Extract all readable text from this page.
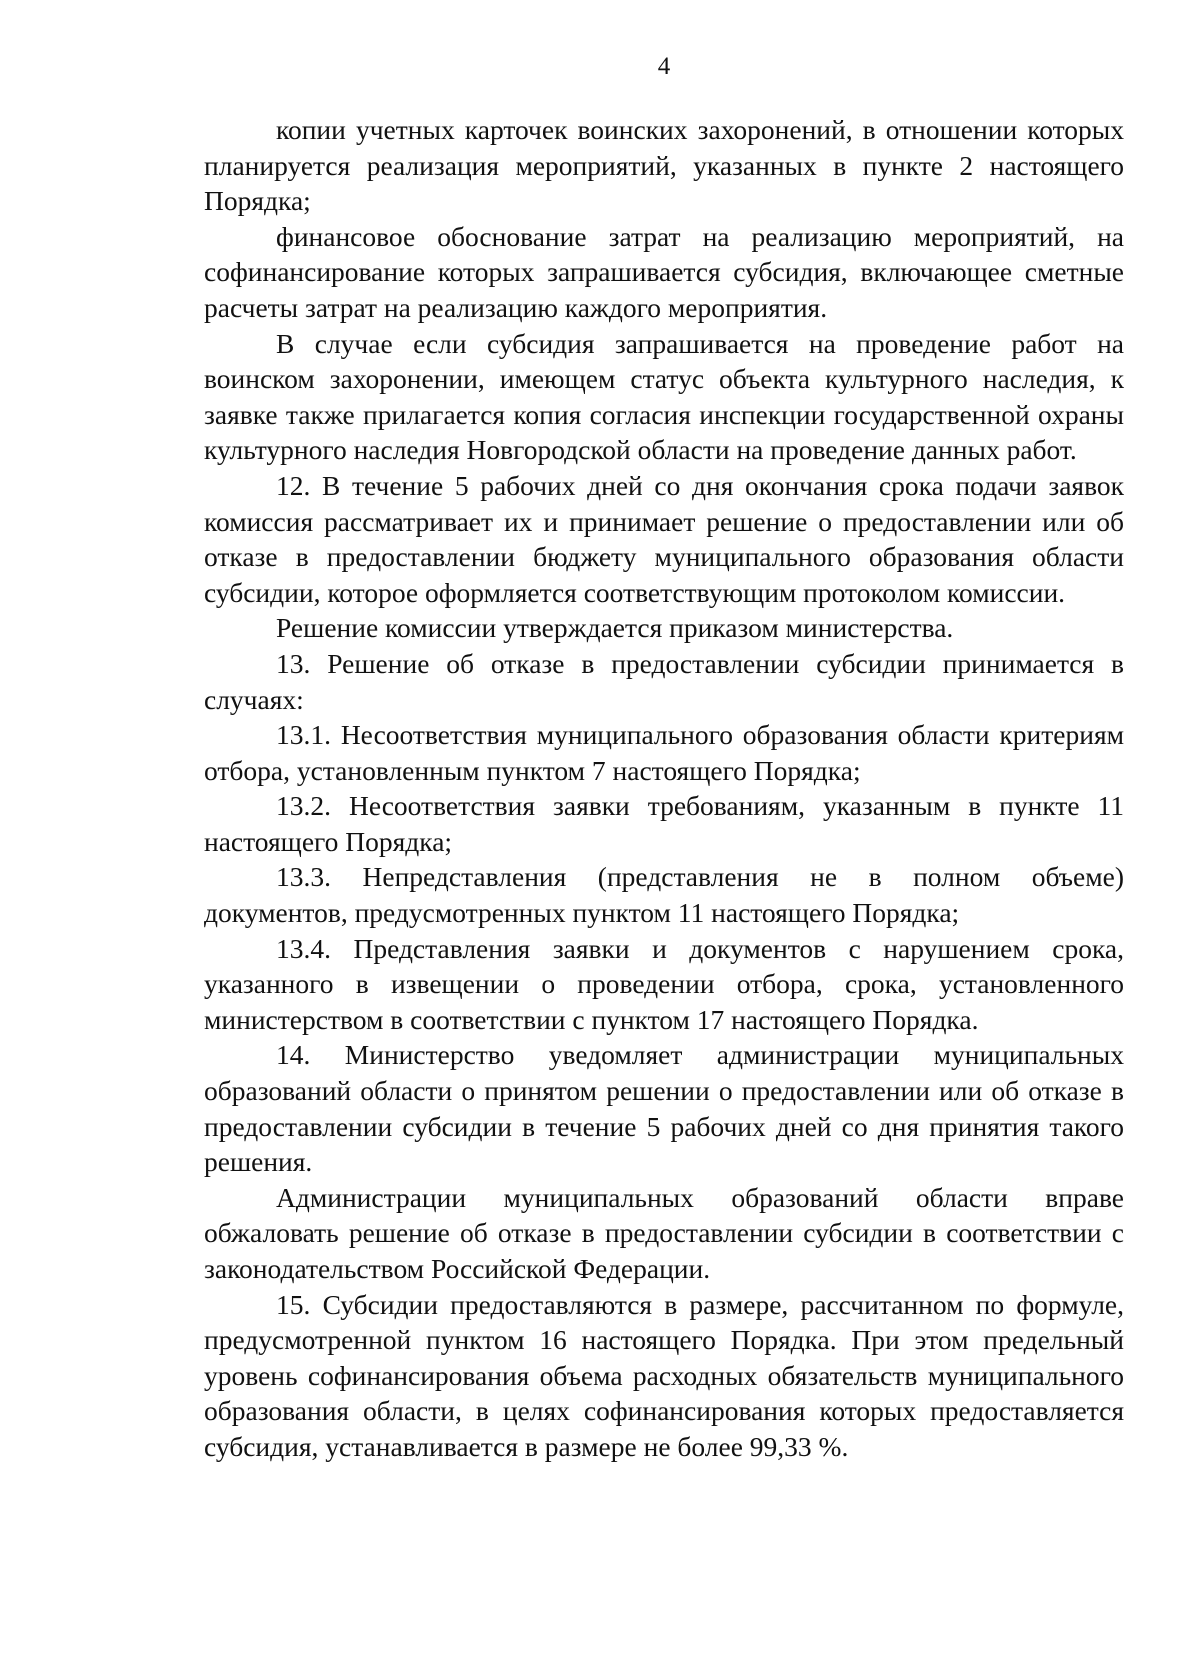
4

копии учетных карточек воинских захоронений, в отношении которых планируется реализация мероприятий, указанных в пункте 2 настоящего Порядка;

финансовое обоснование затрат на реализацию мероприятий, на софинансирование которых запрашивается субсидия, включающее сметные расчеты затрат на реализацию каждого мероприятия.

В случае если субсидия запрашивается на проведение работ на воинском захоронении, имеющем статус объекта культурного наследия, к заявке также прилагается копия согласия инспекции государственной охраны культурного наследия Новгородской области на проведение данных работ.

12. В течение 5 рабочих дней со дня окончания срока подачи заявок комиссия рассматривает их и принимает решение о предоставлении или об отказе в предоставлении бюджету муниципального образования области субсидии, которое оформляется соответствующим протоколом комиссии.

Решение комиссии утверждается приказом министерства.

13. Решение об отказе в предоставлении субсидии принимается в случаях:

13.1. Несоответствия муниципального образования области критериям отбора, установленным пунктом 7 настоящего Порядка;

13.2. Несоответствия заявки требованиям, указанным в пункте 11 настоящего Порядка;

13.3. Непредставления (представления не в полном объеме) документов, предусмотренных пунктом 11 настоящего Порядка;

13.4. Представления заявки и документов с нарушением срока, указанного в извещении о проведении отбора, срока, установленного министерством в соответствии с пунктом 17 настоящего Порядка.

14. Министерство уведомляет администрации муниципальных образований области о принятом решении о предоставлении или об отказе в предоставлении субсидии в течение 5 рабочих дней со дня принятия такого решения.

Администрации муниципальных образований области вправе обжаловать решение об отказе в предоставлении субсидии в соответствии с законодательством Российской Федерации.

15. Субсидии предоставляются в размере, рассчитанном по формуле, предусмотренной пунктом 16 настоящего Порядка. При этом предельный уровень софинансирования объема расходных обязательств муниципального образования области, в целях софинансирования которых предоставляется субсидия, устанавливается в размере не более 99,33 %.
